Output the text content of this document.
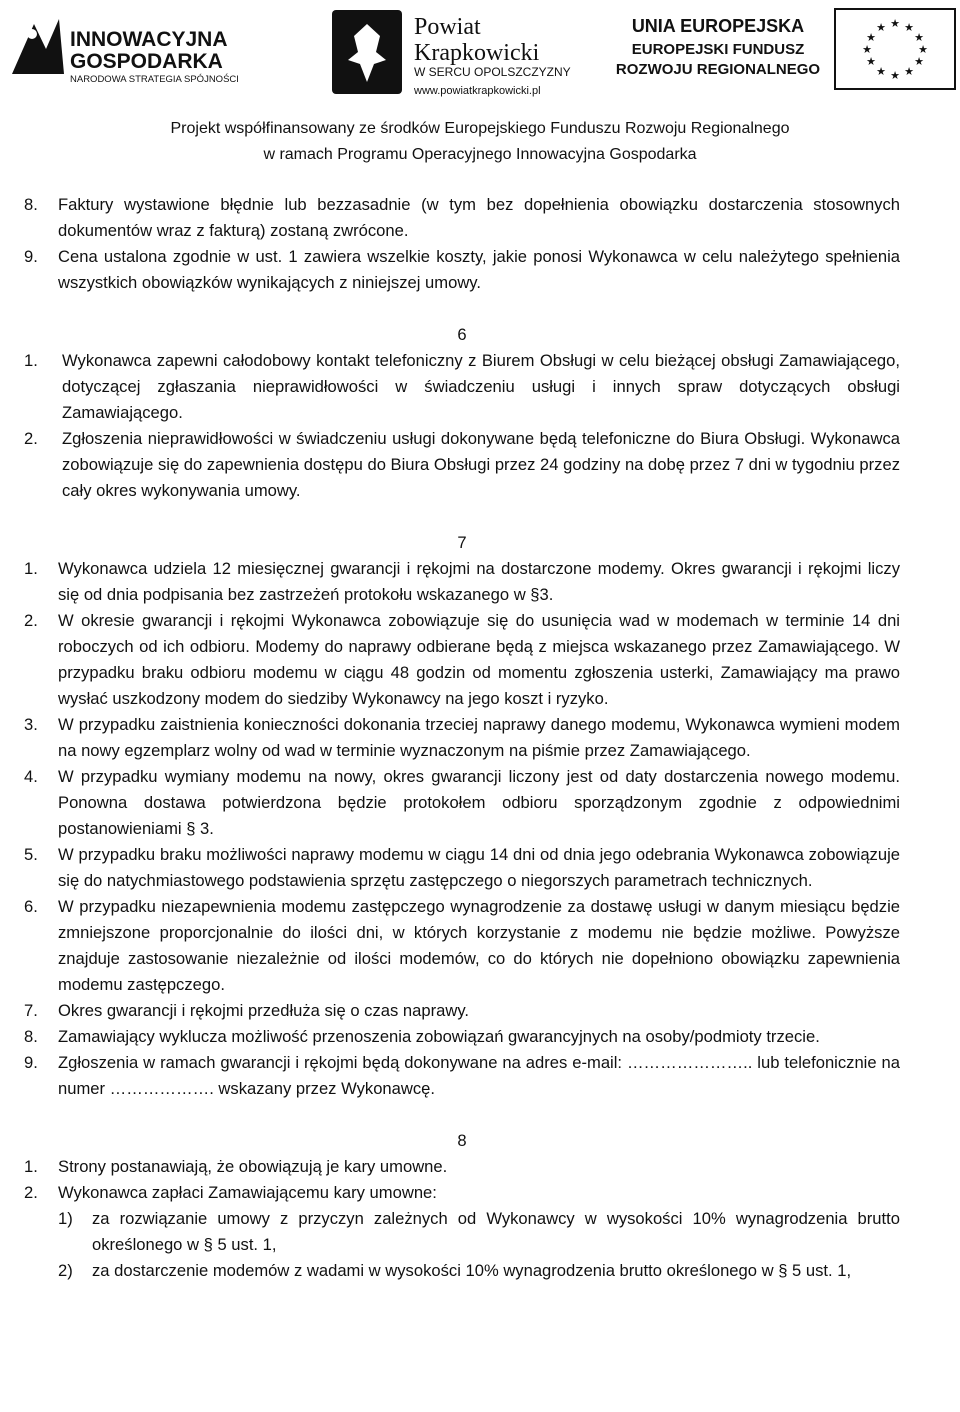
INNOWACYJNA
GOSPODARKA
NARODOWA STRATEGIA SPÓJNOŚCI
Powiat
Krapkowicki
W SERCU OPOLSZCZYZNY
www.powiatkrapkowicki.pl
UNIA EUROPEJSKA
EUROPEJSKI FUNDUSZ
ROZWOJU REGIONALNEGO
★ ★
★
★
★
★
★
★
★
★
★
★
Projekt współfinansowany ze środków Europejskiego Funduszu Rozwoju Regionalnego
w ramach Programu Operacyjnego Innowacyjna Gospodarka
8.	Faktury wystawione błędnie lub bezzasadnie (w tym bez dopełnienia obowiązku dostarczenia stosownych dokumentów wraz z fakturą) zostaną zwrócone.
9.	Cena ustalona zgodnie w ust. 1 zawiera wszelkie koszty, jakie ponosi Wykonawca w celu należytego spełnienia wszystkich obowiązków wynikających z niniejszej umowy.
6
1.	Wykonawca zapewni całodobowy kontakt telefoniczny z Biurem Obsługi w celu bieżącej obsługi Zamawiającego, dotyczącej zgłaszania nieprawidłowości w świadczeniu usługi i innych spraw dotyczących obsługi Zamawiającego.
2.	Zgłoszenia nieprawidłowości w świadczeniu usługi dokonywane będą telefoniczne do Biura Obsługi. Wykonawca zobowiązuje się do zapewnienia dostępu do Biura Obsługi przez 24 godziny na dobę przez 7 dni w tygodniu przez cały okres wykonywania umowy.
7
1.	Wykonawca udziela 12 miesięcznej gwarancji i rękojmi na dostarczone modemy. Okres gwarancji i rękojmi liczy się od dnia podpisania bez zastrzeżeń protokołu wskazanego w §3.
2.	W okresie gwarancji i rękojmi Wykonawca zobowiązuje się do usunięcia wad w modemach w terminie 14 dni roboczych od ich odbioru. Modemy do naprawy odbierane będą z miejsca wskazanego przez Zamawiającego. W przypadku braku odbioru modemu w ciągu 48 godzin od momentu zgłoszenia usterki, Zamawiający ma prawo wysłać uszkodzony modem do siedziby Wykonawcy na jego koszt i ryzyko.
3.	W przypadku zaistnienia konieczności dokonania trzeciej naprawy danego modemu, Wykonawca wymieni modem na nowy egzemplarz wolny od wad w terminie wyznaczonym na piśmie przez Zamawiającego.
4.	W przypadku wymiany modemu na nowy, okres gwarancji liczony jest od daty dostarczenia nowego modemu. Ponowna dostawa potwierdzona będzie protokołem odbioru sporządzonym zgodnie z odpowiednimi postanowieniami § 3.
5.	W przypadku braku możliwości naprawy modemu w ciągu 14 dni od dnia jego odebrania Wykonawca zobowiązuje się do natychmiastowego podstawienia sprzętu zastępczego o niegorszych parametrach technicznych.
6.	W przypadku niezapewnienia modemu zastępczego wynagrodzenie za dostawę usługi w danym miesiącu będzie zmniejszone proporcjonalnie do ilości dni, w których korzystanie z modemu nie będzie możliwe. Powyższe znajduje zastosowanie niezależnie od ilości modemów, co do których nie dopełniono obowiązku zapewnienia modemu zastępczego.
7.	Okres gwarancji i rękojmi przedłuża się o czas naprawy.
8.	Zamawiający wyklucza możliwość przenoszenia zobowiązań gwarancyjnych na osoby/podmioty trzecie.
9.	Zgłoszenia w ramach gwarancji i rękojmi będą dokonywane na adres e-mail: ………………….. lub telefonicznie na numer ………………. wskazany przez Wykonawcę.
8
1.	Strony postanawiają, że obowiązują je kary umowne.
2.	Wykonawca zapłaci Zamawiającemu kary umowne:
1)	za rozwiązanie umowy z przyczyn zależnych od Wykonawcy w wysokości 10% wynagrodzenia brutto określonego w § 5 ust. 1,
2)	za dostarczenie modemów z wadami w wysokości 10% wynagrodzenia brutto określonego w § 5 ust. 1,
